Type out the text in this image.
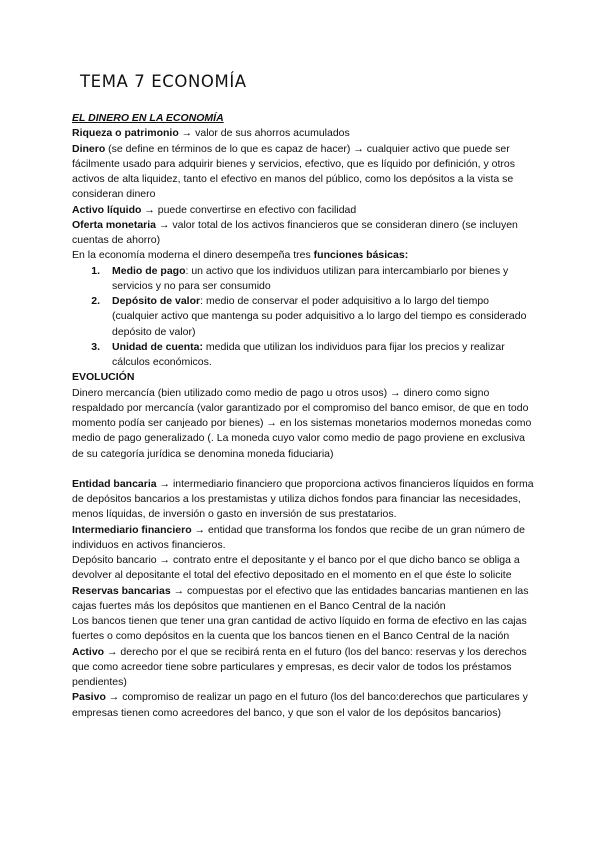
TEMA 7 ECONOMÍA

EL DINERO EN LA ECONOMÍA

Riqueza o patrimonio → valor de sus ahorros acumulados

Dinero (se define en términos de lo que es capaz de hacer) → cualquier activo que puede ser fácilmente usado para adquirir bienes y servicios, efectivo, que es líquido por definición, y otros activos de alta liquidez, tanto el efectivo en manos del público, como los depósitos a la vista se consideran dinero

Activo líquido → puede convertirse en efectivo con facilidad

Oferta monetaria → valor total de los activos financieros que se consideran dinero (se incluyen cuentas de ahorro)

En la economía moderna el dinero desempeña tres funciones básicas:

1.	Medio de pago: un activo que los individuos utilizan para intercambiarlo por bienes y servicios y no para ser consumido
2.	Depósito de valor: medio de conservar el poder adquisitivo a lo largo del tiempo (cualquier activo que mantenga su poder adquisitivo a lo largo del tiempo es considerado depósito de valor)
3.	Unidad de cuenta: medida que utilizan los individuos para fijar los precios y realizar cálculos económicos.

EVOLUCIÓN

Dinero mercancía (bien utilizado como medio de pago u otros usos) → dinero como signo respaldado por mercancía (valor garantizado por el compromiso del banco emisor, de que en todo momento podía ser canjeado por bienes) → en los sistemas monetarios modernos monedas como medio de pago generalizado (. La moneda cuyo valor como medio de pago proviene en exclusiva de su categoría jurídica se denomina moneda fiduciaria)

Entidad bancaria → intermediario financiero que proporciona activos financieros líquidos en forma de depósitos bancarios a los prestamistas y utiliza dichos fondos para financiar las necesidades, menos líquidas, de inversión o gasto en inversión de sus prestatarios.

Intermediario financiero → entidad que transforma los fondos que recibe de un gran número de individuos en activos financieros.

Depósito bancario → contrato entre el depositante y el banco por el que dicho banco se obliga a devolver al depositante el total del efectivo depositado en el momento en el que éste lo solicite

Reservas bancarias → compuestas por el efectivo que las entidades bancarias mantienen en las cajas fuertes más los depósitos que mantienen en el Banco Central de la nación

Los bancos tienen que tener una gran cantidad de activo líquido en forma de efectivo en las cajas fuertes o como depósitos en la cuenta que los bancos tienen en el Banco Central de la nación

Activo → derecho por el que se recibirá renta en el futuro (los del banco: reservas y los derechos que como acreedor tiene sobre particulares y empresas, es decir valor de todos los préstamos pendientes)

Pasivo → compromiso de realizar un pago en el futuro (los del banco:derechos que particulares y empresas tienen como acreedores del banco, y que son el valor de los depósitos bancarios)
